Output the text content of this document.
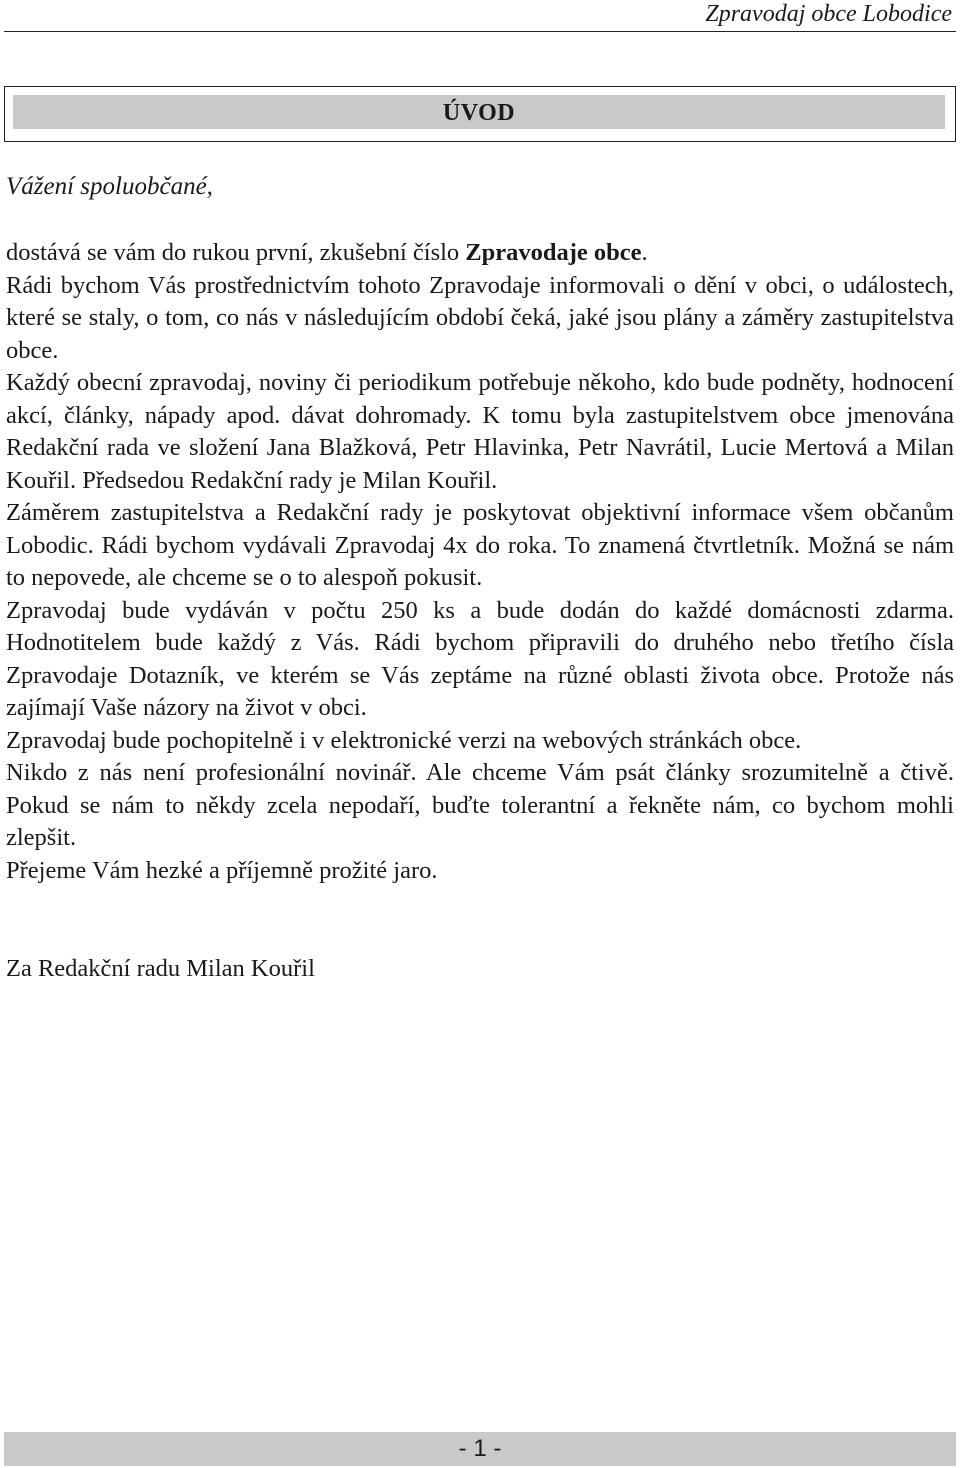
Zpravodaj obce Lobodice
ÚVOD
Vážení spoluobčané,

dostává se vám do rukou první, zkušební číslo Zpravodaje obce.

Rádi bychom Vás prostřednictvím tohoto Zpravodaje informovali o dění v obci, o událostech, které se staly, o tom, co nás v následujícím období čeká, jaké jsou plány a záměry zastupitelstva obce.

Každý obecní zpravodaj, noviny či periodikum potřebuje někoho, kdo bude podněty, hodnocení akcí, články, nápady apod. dávat dohromady. K tomu byla zastupitelstvem obce jmenována Redakční rada ve složení Jana Blažková, Petr Hlavinka, Petr Navrátil, Lucie Mertová a Milan Kouřil. Předsedou Redakční rady je Milan Kouřil.

Záměrem zastupitelstva a Redakční rady je poskytovat objektivní informace všem občanům Lobodic. Rádi bychom vydávali Zpravodaj 4x do roka. To znamená čtvrtletník. Možná se nám to nepovede, ale chceme se o to alespoň pokusit.

Zpravodaj bude vydáván v počtu 250 ks a bude dodán do každé domácnosti zdarma. Hodnotitelem bude každý z Vás. Rádi bychom připravili do druhého nebo třetího čísla Zpravodaje Dotazník, ve kterém se Vás zeptáme na různé oblasti života obce. Protože nás zajímají Vaše názory na život v obci.

Zpravodaj bude pochopitelně i v elektronické verzi na webových stránkách obce.

Nikdo z nás není profesionální novinář. Ale chceme Vám psát články srozumitelně a čtivě. Pokud se nám to někdy zcela nepodaří, buďte tolerantní a řekněte nám, co bychom mohli zlepšit.

Přejeme Vám hezké a příjemně prožité jaro.

Za Redakční radu Milan Kouřil
- 1 -
